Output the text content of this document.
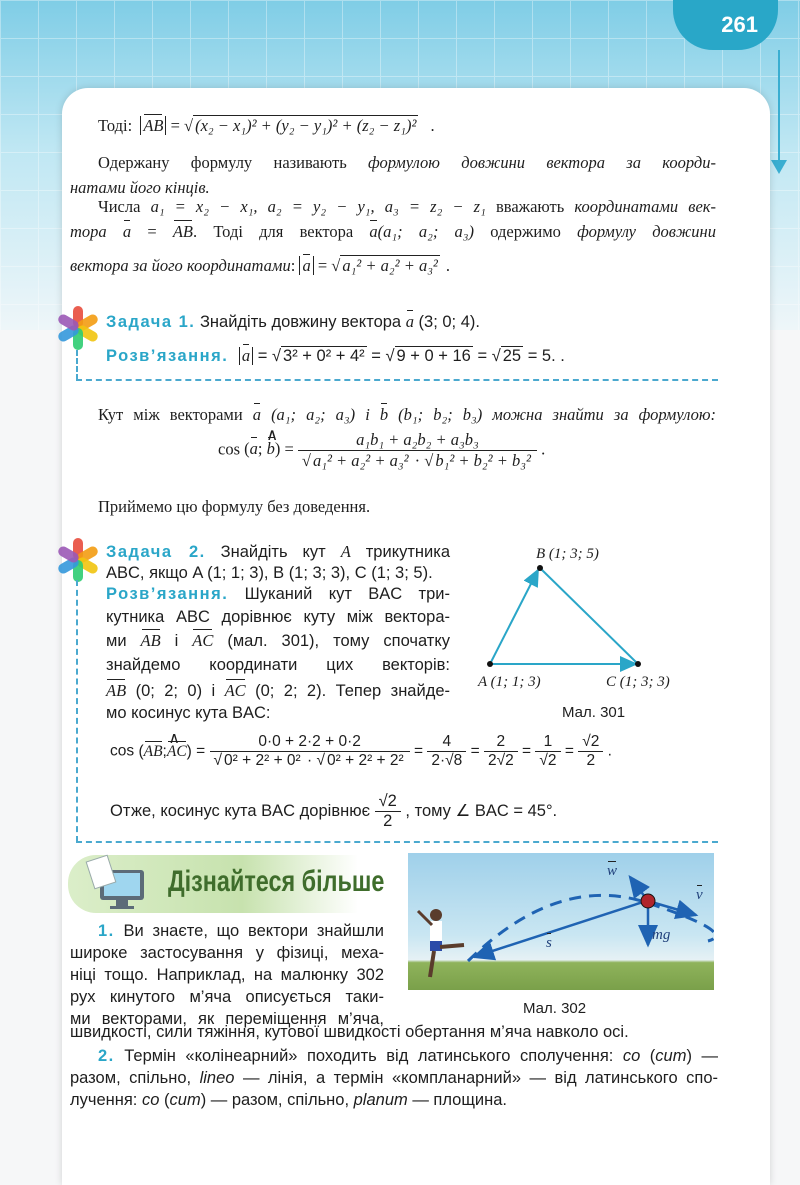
261
Тоді: AB = √ (x₂ − x₁)² + (y₂ − y₁)² + (z₂ − z₁)² .
Одержану формулу називають формулою довжини вектора за коорди-
натами його кінців.
Числа a₁ = x₂ − x₁, a₂ = y₂ − y₁, a₃ = z₂ − z₁ вважають координатами век-
тора a = AB. Тоді для вектора a(a₁; a₂; a₃) одержимо формулу довжини
вектора за його координатами: a = √ a₁² + a₂² + a₃² .
Задача 1. Знайдіть довжину вектора a (3; 0; 4).
Розв’язання. a = √ 3² + 0² + 4² = √ 9 + 0 + 16 = √ 25 = 5. .
Кут між векторами a (a₁; a₂; a₃) і b (b₁; b₂; b₃) можна знайти за формулою:
cos (a; b)
∧
= $\frac{\text{a₁b₁ + a₂b₂ + a₃b₃}}{\text{√ a₁² + a₂² + a₃² · √ b₁² + b₂² + b₃²}}$ .
Приймемо цю формулу без доведення.
Задача 2. Знайдіть кут A трикутника
ABC, якщо A (1; 1; 3), B (1; 3; 3), C (1; 3; 5).
Розв’язання. Шуканий кут BAC три-
кутника ABC дорівнює куту між вектора-
ми AB і AC (мал. 301), тому спочатку
знайдемо координати цих векторів:
AB (0; 2; 0) і AC (0; 2; 2). Тепер знайде-
мо косинус кута BAC:
B (1; 3; 5)
A (1; 1; 3)	C (1; 3; 3)
Мал. 301
cos (AB;AC)
∧
= $\frac{0\cdot 0 + 2\cdot 2 + 0\cdot 2}{\text{√ 0² + 2² + 0² · √ 0² + 2² + 2²}} = \frac{4}{2\cdot√8} = \frac{2}{2√2} = \frac{1}{√2} = \frac{√2}{2}$ .
Отже, косинус кута BAC дорівнює $\frac{√2}{2}$ , тому ∠ BAC = 45°.
Дізнайтеся більше	w
v
s	mg
Мал. 302
1. Ви знаєте, що вектори знайшли
широке застосування у фізиці, меха-
ніці тощо. Наприклад, на малюнку 302
рух кинутого м’яча описується таки-
ми векторами, як переміщення м’яча,
швидкості, сили тяжіння, кутової швидкості обертання м’яча навколо осі.
2. Термін «колінеарний» походить від латинського сполучення: co (cum) —
разом, спільно, lineo — лінія, а термін «компланарний» — від латинського спо-
лучення: co (cum) — разом, спільно, planum — площина.
